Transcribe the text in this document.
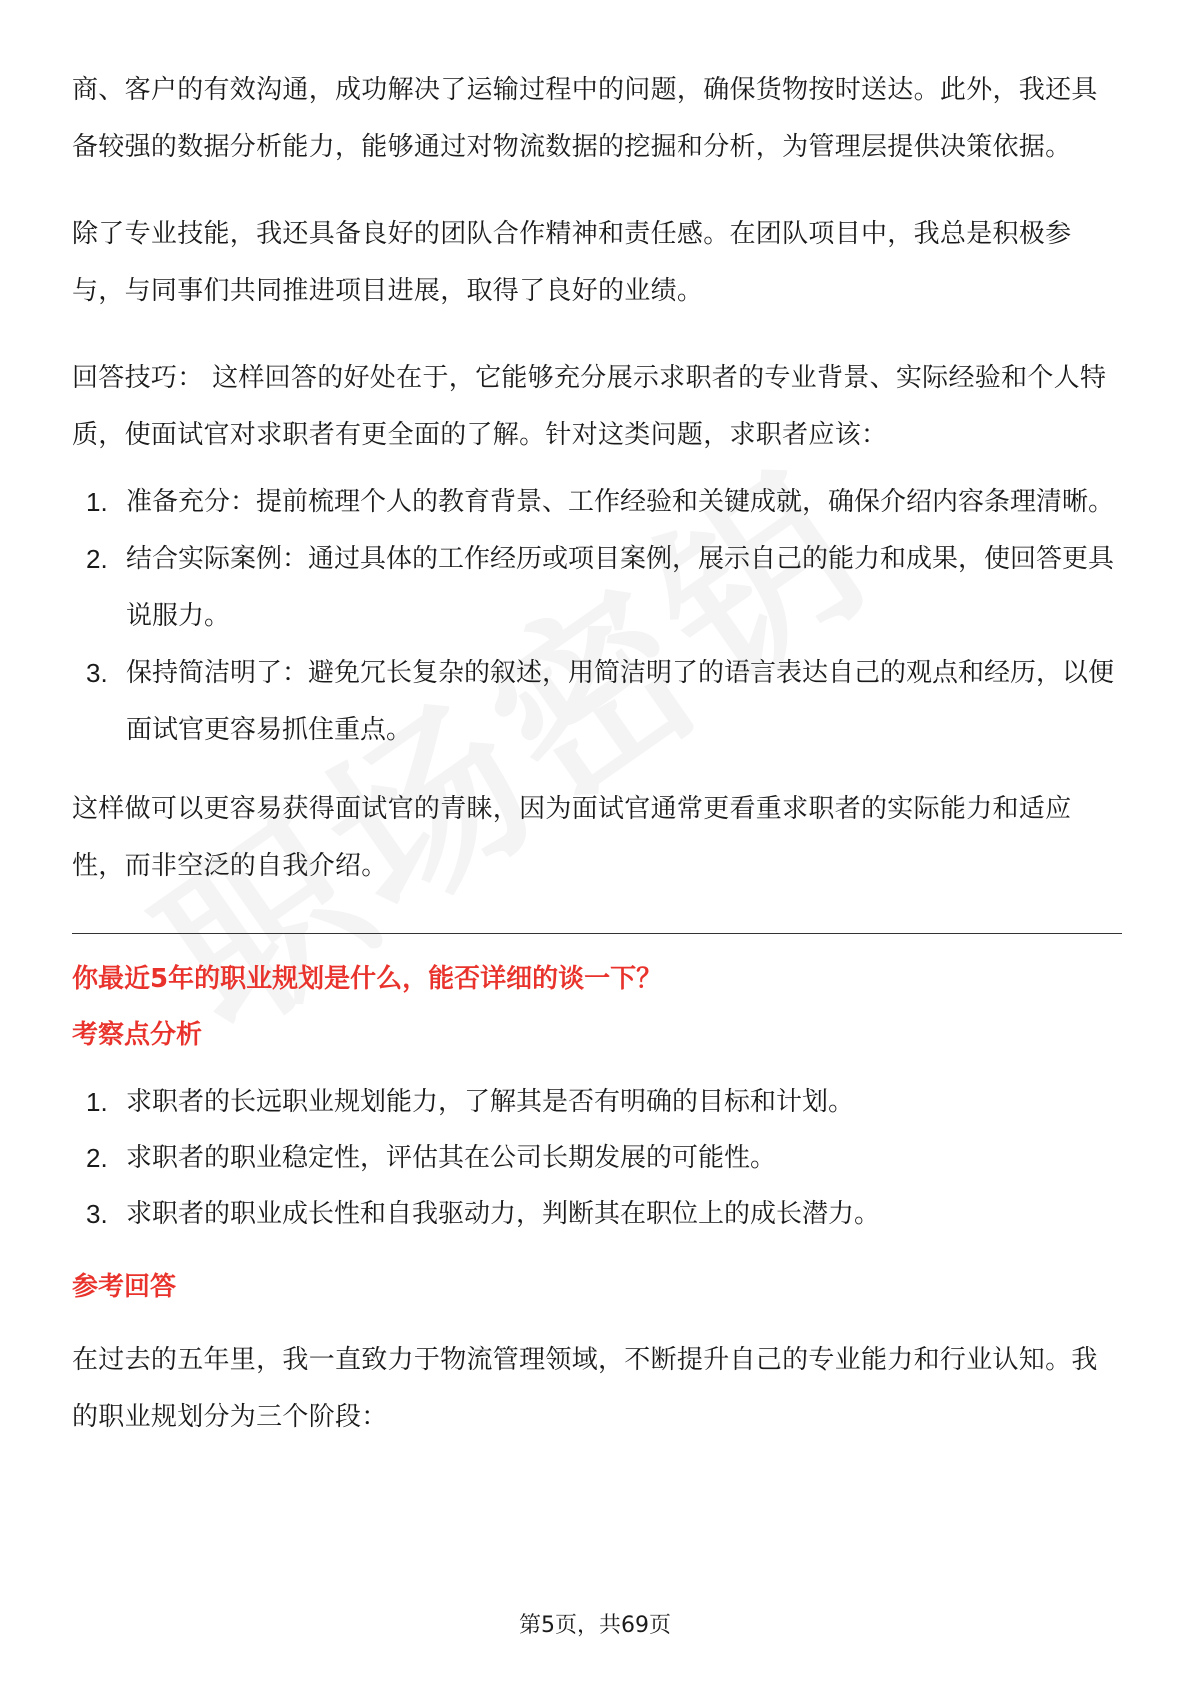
商、客户的有效沟通，成功解决了运输过程中的问题，确保货物按时送达。此外，我还具备较强的数据分析能力，能够通过对物流数据的挖掘和分析，为管理层提供决策依据。

除了专业技能，我还具备良好的团队合作精神和责任感。在团队项目中，我总是积极参与，与同事们共同推进项目进展，取得了良好的业绩。

回答技巧： 这样回答的好处在于，它能够充分展示求职者的专业背景、实际经验和个人特质，使面试官对求职者有更全面的了解。针对这类问题，求职者应该：

1. 准备充分：提前梳理个人的教育背景、工作经验和关键成就，确保介绍内容条理清晰。
2. 结合实际案例：通过具体的工作经历或项目案例，展示自己的能力和成果，使回答更具说服力。
3. 保持简洁明了：避免冗长复杂的叙述，用简洁明了的语言表达自己的观点和经历，以便面试官更容易抓住重点。

这样做可以更容易获得面试官的青睐，因为面试官通常更看重求职者的实际能力和适应性，而非空泛的自我介绍。

你最近5年的职业规划是什么，能否详细的谈一下？

考察点分析

1. 求职者的长远职业规划能力，了解其是否有明确的目标和计划。
2. 求职者的职业稳定性，评估其在公司长期发展的可能性。
3. 求职者的职业成长性和自我驱动力，判断其在职位上的成长潜力。

参考回答

在过去的五年里，我一直致力于物流管理领域，不断提升自己的专业能力和行业认知。我的职业规划分为三个阶段：

第5页，共69页
